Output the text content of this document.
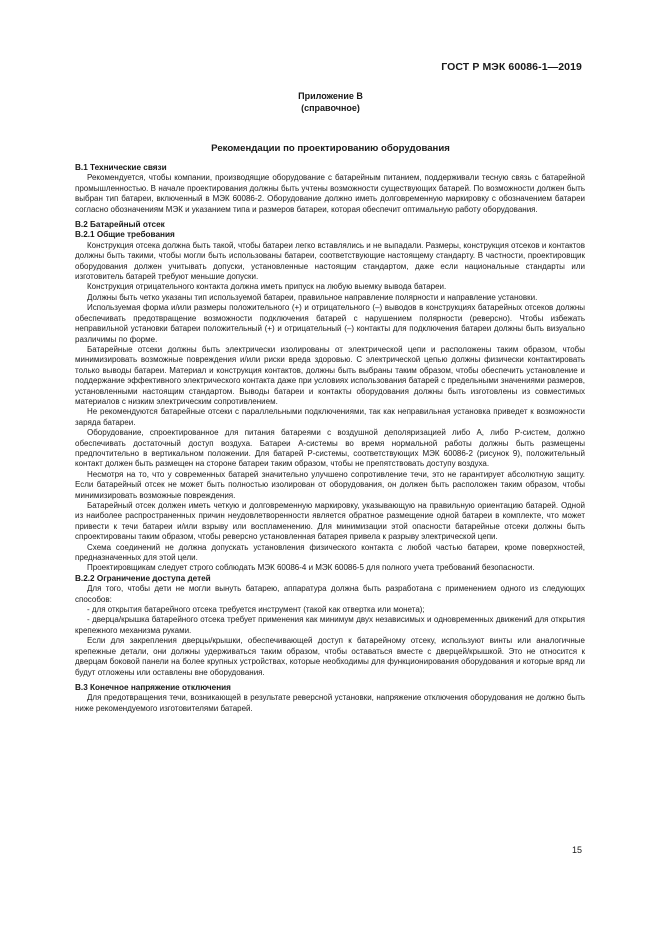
ГОСТ Р МЭК 60086-1—2019
Приложение В
(справочное)
Рекомендации по проектированию оборудования
В.1 Технические связи

Рекомендуется, чтобы компании, производящие оборудование с батарейным питанием, поддерживали тесную связь с батарейной промышленностью. В начале проектирования должны быть учтены возможности существующих батарей. По возможности должен быть выбран тип батареи, включенный в МЭК 60086-2. Оборудование должно иметь долговременную маркировку с обозначением батареи согласно обозначениям МЭК и указанием типа и размеров батареи, которая обеспечит оптимальную работу оборудования.

В.2 Батарейный отсек
В.2.1 Общие требования

Конструкция отсека должна быть такой, чтобы батареи легко вставлялись и не выпадали. Размеры, конструкция отсеков и контактов должны быть такими, чтобы могли быть использованы батареи, соответствующие настоящему стандарту. В частности, проектировщик оборудования должен учитывать допуски, установленные настоящим стандартом, даже если национальные стандарты или изготовитель батарей требуют меньшие допуски.

Конструкция отрицательного контакта должна иметь припуск на любую выемку вывода батареи.

Должны быть четко указаны тип используемой батареи, правильное направление полярности и направление установки.

Используемая форма и/или размеры положительного (+) и отрицательного (–) выводов в конструкциях батарейных отсеков должны обеспечивать предотвращение возможности подключения батарей с нарушением полярности (реверсно). Чтобы избежать неправильной установки батареи положительный (+) и отрицательный (–) контакты для подключения батареи должны быть визуально различимы по форме.

Батарейные отсеки должны быть электрически изолированы от электрической цепи и расположены таким образом, чтобы минимизировать возможные повреждения и/или риски вреда здоровью. С электрической цепью должны физически контактировать только выводы батареи. Материал и конструкция контактов, должны быть выбраны таким образом, чтобы обеспечить установление и поддержание эффективного электрического контакта даже при условиях использования батарей с предельными значениями размеров, установленными настоящим стандартом. Выводы батареи и контакты оборудования должны быть изготовлены из совместимых материалов с низким электрическим сопротивлением.

Не рекомендуются батарейные отсеки с параллельными подключениями, так как неправильная установка приведет к возможности заряда батареи.

Оборудование, спроектированное для питания батареями с воздушной деполяризацией либо А, либо Р-систем, должно обеспечивать достаточный доступ воздуха. Батареи А-системы во время нормальной работы должны быть размещены предпочтительно в вертикальном положении. Для батарей Р-системы, соответствующих МЭК 60086-2 (рисунок 9), положительный контакт должен быть размещен на стороне батареи таким образом, чтобы не препятствовать доступу воздуха.

Несмотря на то, что у современных батарей значительно улучшено сопротивление течи, это не гарантирует абсолютную защиту. Если батарейный отсек не может быть полностью изолирован от оборудования, он должен быть расположен таким образом, чтобы минимизировать возможные повреждения.

Батарейный отсек должен иметь четкую и долговременную маркировку, указывающую на правильную ориентацию батарей. Одной из наиболее распространенных причин неудовлетворенности является обратное размещение одной батареи в комплекте, что может привести к течи батареи и/или взрыву или воспламенению. Для минимизации этой опасности батарейные отсеки должны быть спроектированы таким образом, чтобы реверсно установленная батарея привела к разрыву электрической цепи.

Схема соединений не должна допускать установления физического контакта с любой частью батареи, кроме поверхностей, предназначенных для этой цели.

Проектировщикам следует строго соблюдать МЭК 60086-4 и МЭК 60086-5 для полного учета требований безопасности.

В.2.2 Ограничение доступа детей

Для того, чтобы дети не могли вынуть батарею, аппаратура должна быть разработана с применением одного из следующих способов:

- для открытия батарейного отсека требуется инструмент (такой как отвертка или монета);

- дверца/крышка батарейного отсека требует применения как минимум двух независимых и одновременных движений для открытия крепежного механизма руками.

Если для закрепления дверцы/крышки, обеспечивающей доступ к батарейному отсеку, используют винты или аналогичные крепежные детали, они должны удерживаться таким образом, чтобы оставаться вместе с дверцей/крышкой. Это не относится к дверцам боковой панели на более крупных устройствах, которые необходимы для функционирования оборудования и которые вряд ли будут отложены или оставлены вне оборудования.

В.3 Конечное напряжение отключения

Для предотвращения течи, возникающей в результате реверсной установки, напряжение отключения оборудования не должно быть ниже рекомендуемого изготовителями батарей.

15
